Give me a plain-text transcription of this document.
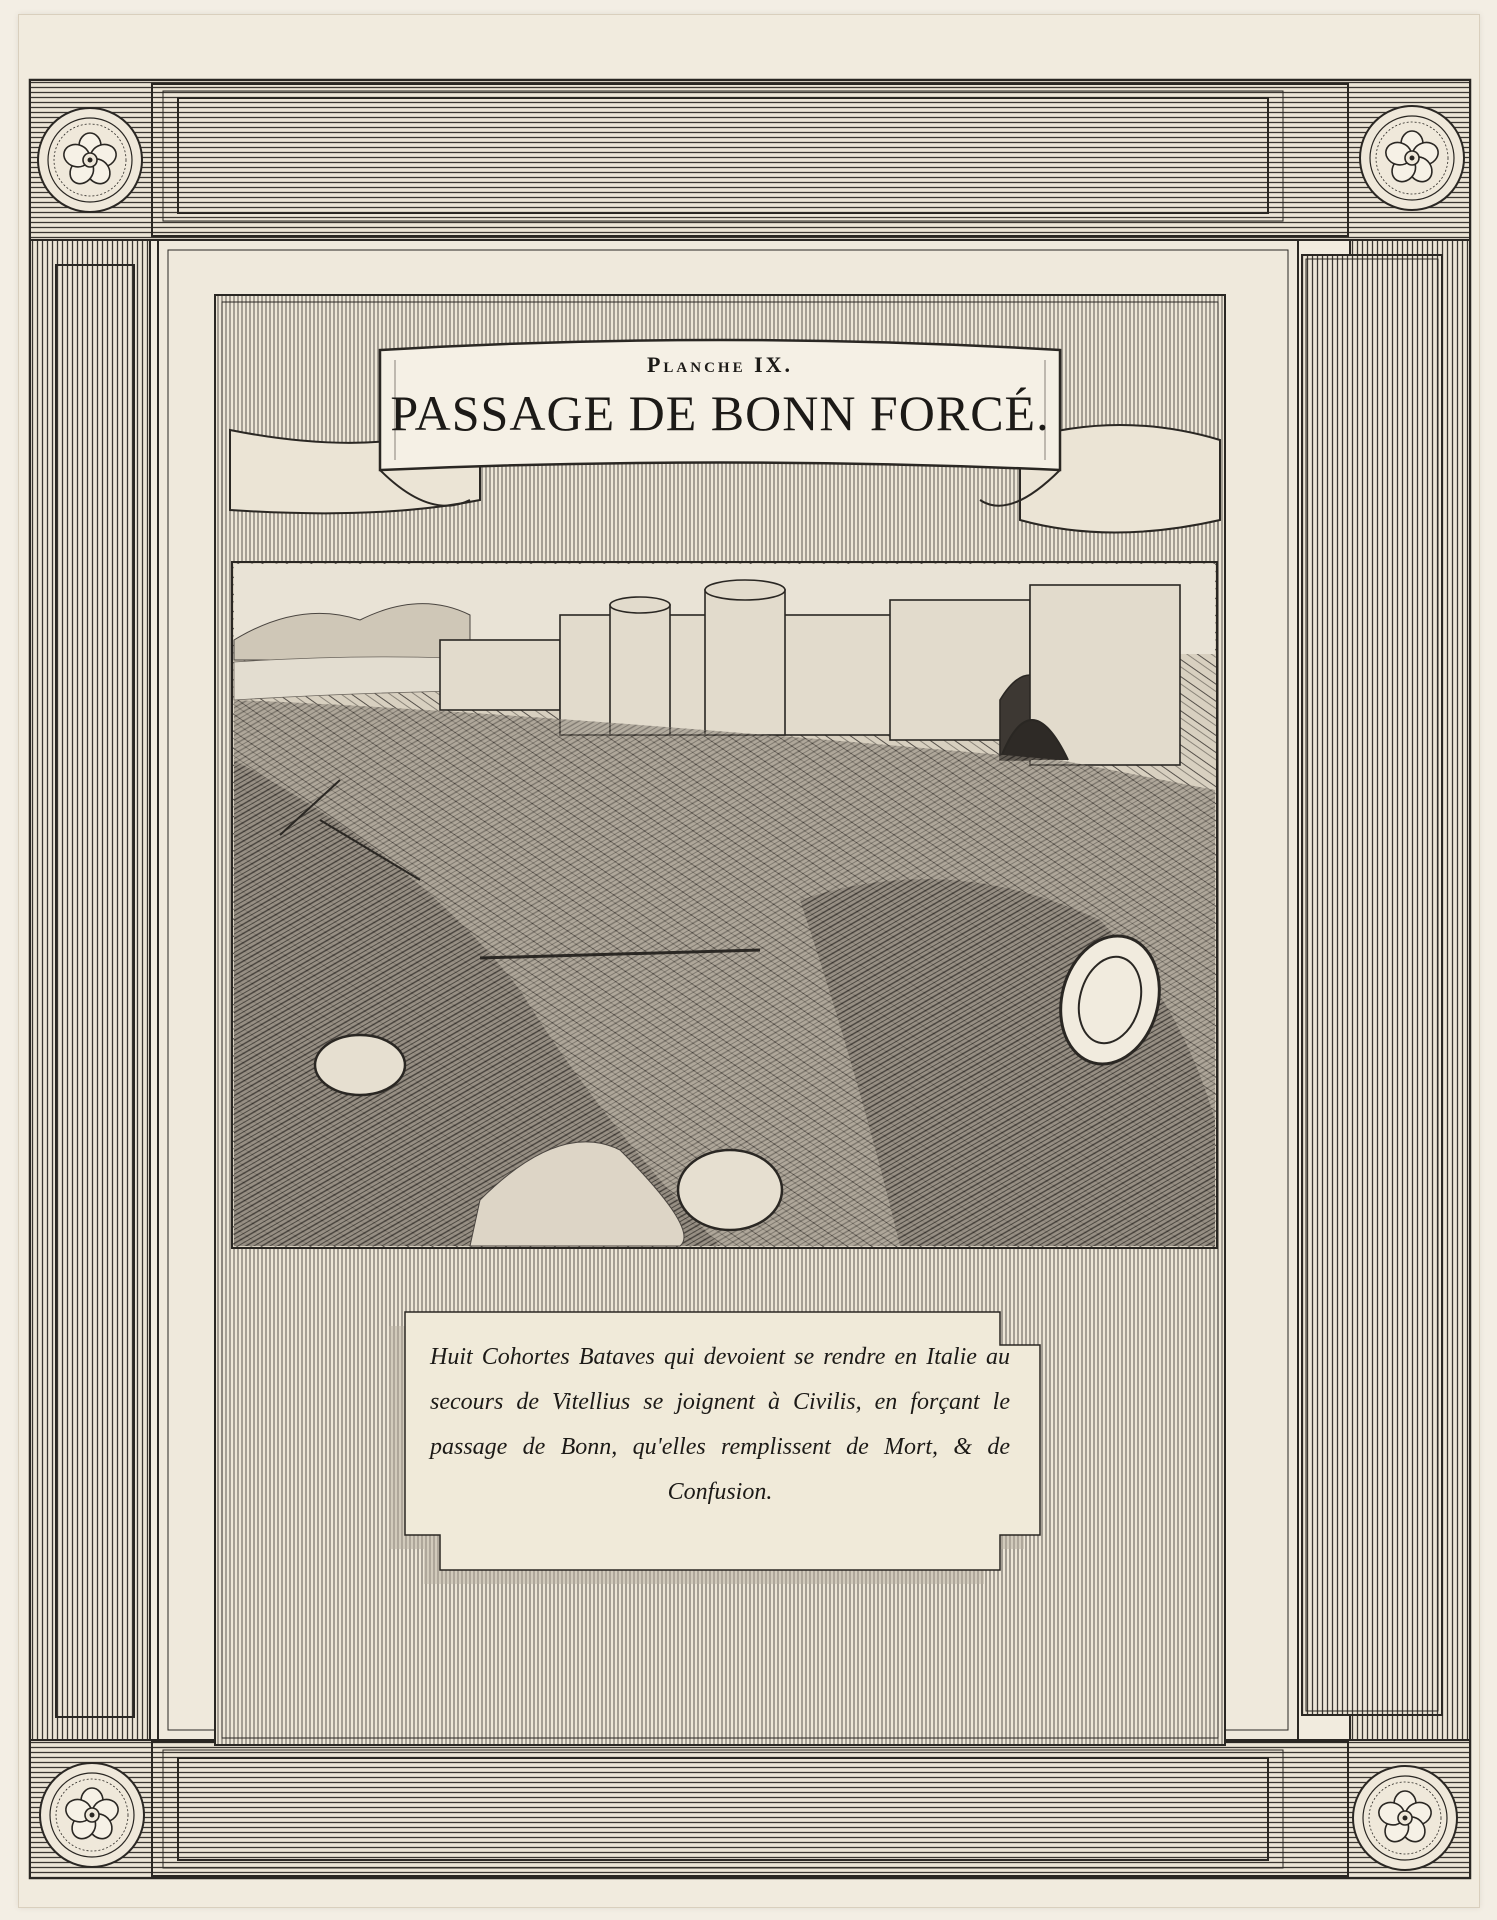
Planche IX.
PASSAGE DE BONN FORCÉ.
Huit Cohortes Bataves qui devoient se rendre en Italie au secours de Vitellius se joignent à Civilis, en forçant le passage de Bonn, qu'elles remplissent de Mort, & de Confusion.
